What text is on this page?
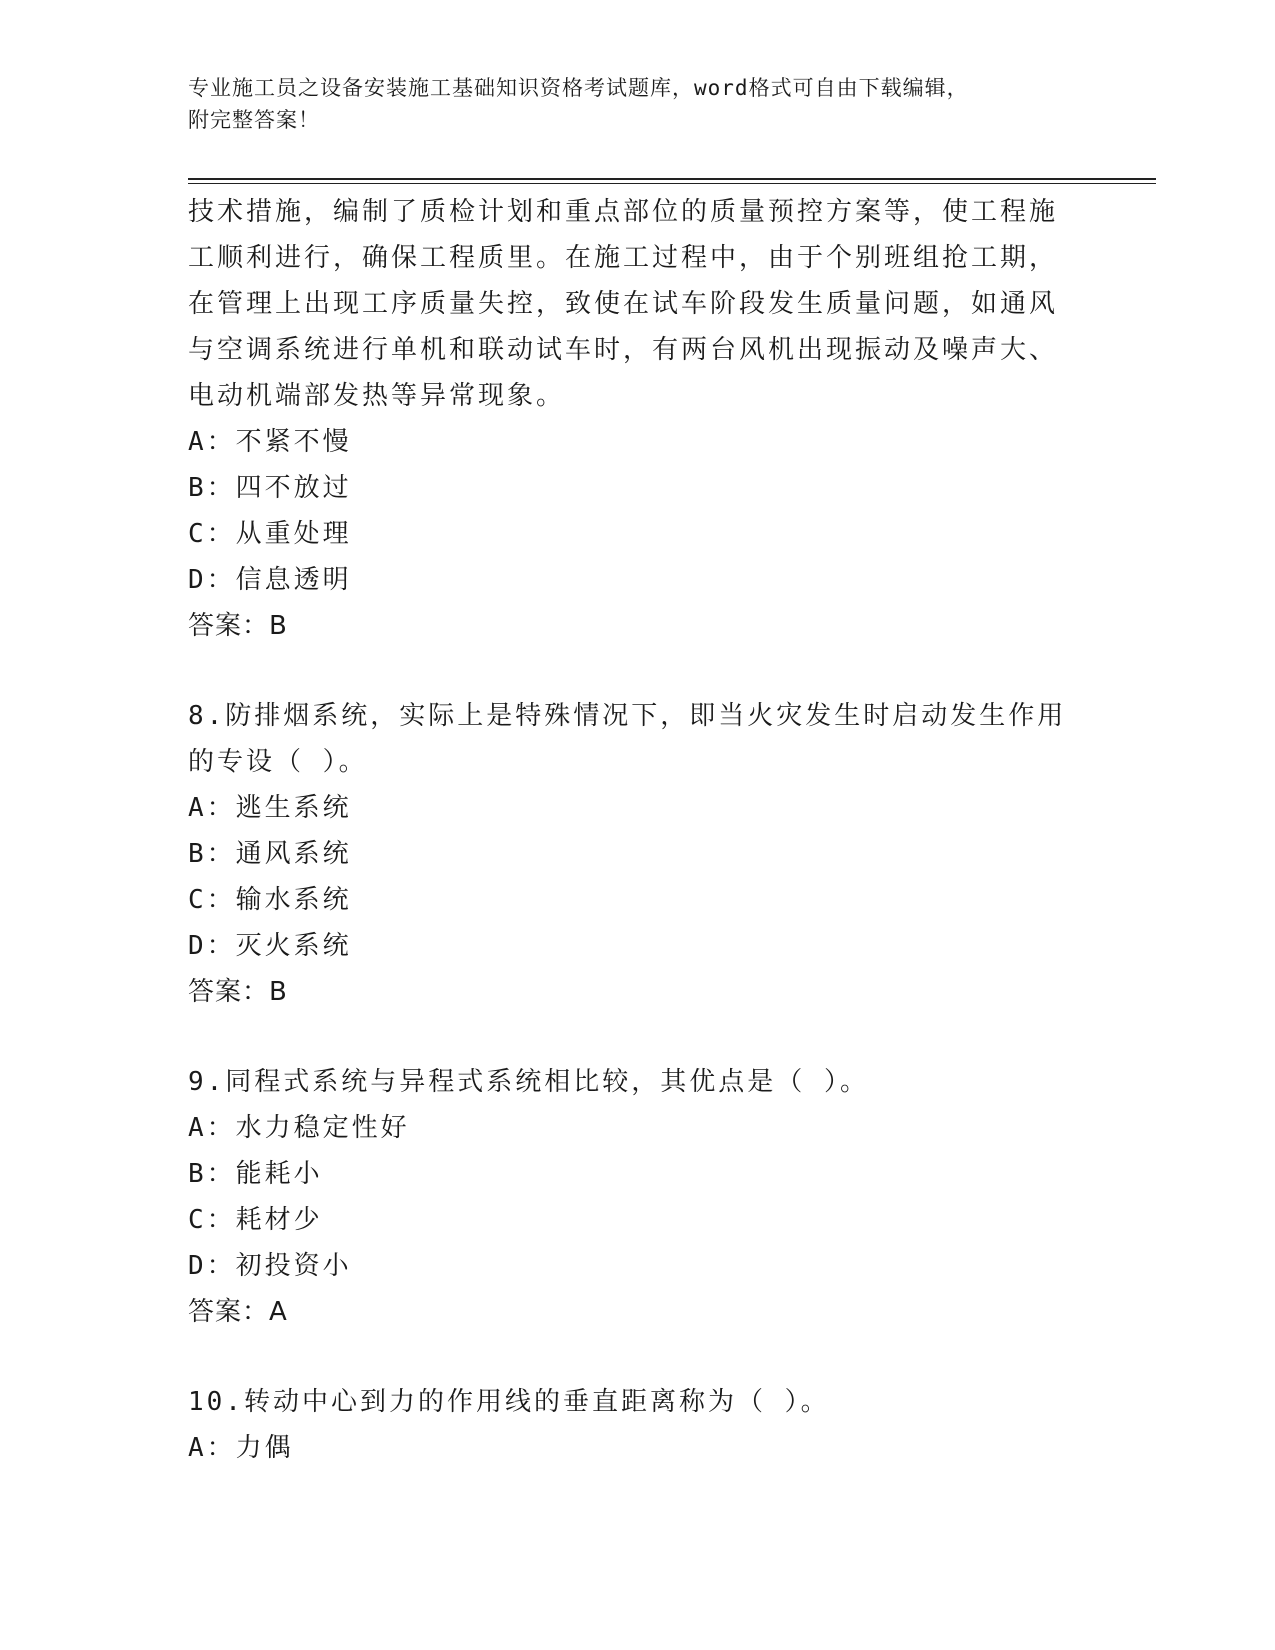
专业施工员之设备安装施工基础知识资格考试题库，word格式可自由下载编辑，
附完整答案！
技术措施，编制了质检计划和重点部位的质量预控方案等，使工程施
工顺利进行，确保工程质里。在施工过程中，由于个别班组抢工期，
在管理上出现工序质量失控，致使在试车阶段发生质量问题，如通风
与空调系统进行单机和联动试车时，有两台风机出现振动及噪声大、
电动机端部发热等异常现象。
A：不紧不慢
B：四不放过
C：从重处理
D：信息透明
答案：B
8.防排烟系统，实际上是特殊情况下，即当火灾发生时启动发生作用
的专设（ ）。
A：逃生系统
B：通风系统
C：输水系统
D：灭火系统
答案：B
9.同程式系统与异程式系统相比较，其优点是（ ）。
A：水力稳定性好
B：能耗小
C：耗材少
D：初投资小
答案：A
10.转动中心到力的作用线的垂直距离称为（ ）。
A：力偶
